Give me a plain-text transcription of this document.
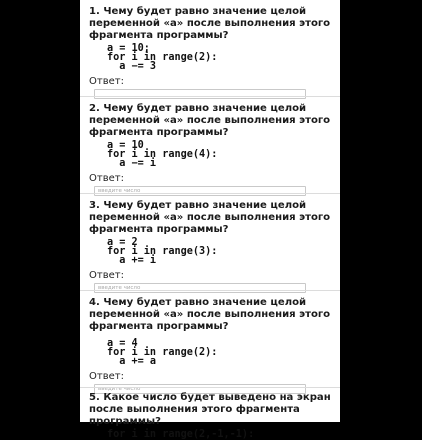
1. Чему будет равно значение целой переменной «a» после выполнения этого фрагмента программы?

a = 10;
for i in range(2):
a −= 3
Ответ:

2. Чему будет равно значение целой переменной «a» после выполнения этого фрагмента программы?

a = 10
for i in range(4):
a −= i
Ответ:
введите число

3. Чему будет равно значение целой переменной «a» после выполнения этого фрагмента программы?

a = 2
for i in range(3):
a += i
Ответ:
введите число

4. Чему будет равно значение целой переменной «a» после выполнения этого фрагмента программы?

a = 4
for i in range(2):
a += a
Ответ:
введите число

5. Какое число будет выведено на экран после выполнения этого фрагмента программы?

for i in range(2,-1,-1):
